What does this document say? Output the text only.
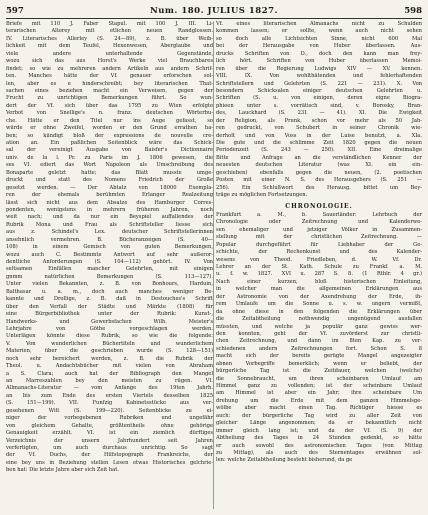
597	Num. 180. JULIUS 1827.	598
Briefe mit 110 J. Faber Stapul. mit 100 J. III. Li-
terarischen Alterey mit etlichen neuen Randglossen.
IV. Literarisches Allerley (S. 24—89), z. B. über Weib-
lichkeit mit dem Teufel, Hexenwesen, Aberglaube und
viele andere unterhaltende Gegenstände,
wozu sich das aus Horst's Werke viel Brauchbares
findet; so wie zu mehreren andern Artikeln aus andern Schrif-
ten. Manches hätte der Vf. genauer erforschen sol-
len, aber es e hinderschreibt; bey literarischen That-
sachen eines beziehen macht ein Verweisen, gegen der
Frucht zu unrichtigen Bemerkungen führt. So wun-
dert der Vf. sich über das 1795 zu Wien erfolgte
Verbot von Snellige's n. franz. deutschen Wörterbu-
che. Hätte er den Titel nur ins Auge gefasst, so
würde er ohne Zweifel, worden er den Grund errathen ha-
ben; so kündigt bloß der expressions de nouvelle cre-
ation an. Ein paßlichen Seitenblick wäre das Schick-
sal der vereinigt Ausgabe von Baisfer's Dictionnaire
univ. de la l. Pr. zu Paris im J. 1806 gewesen, die
ses VI. ediert das Wort Napoleon als Umschreibung des
Bonaparte geletzt hatte; das Blatt musste umge-
druckt und statt des Nomens Friedrich der Große
gesetzt werden. — Der Abtatz von 18000 Exempla-
ren der ehemals berühmten Erlanger Realzeitung
lässt sich nicht aus dem Absatze des Hamburger Corres-
pondenten, wenigstens in mehrern früheren Jahren, noch
weit nach; und da nur ein Beyspiel auffallendes der
Rubrik Mona und Frau als Schriftsteller liesse sich
aus z. Schindel's Lex. deutscher Schriftstellerinnen
ansehnlich vermehren. B. Bücheranzeigen (S. 40—
108) in einem Gemisch von guten Bemerkungen,
wozu auch C. Bestimmte Antwort auf sehr außeror-
dentliche Anforderungen (S. 104—112) gehört. IV. Von
seltsamen Einfällen mancher Gelehrten, mit einigen
gnmm natürlichen Bemerkungen (S. 113—127).
Unter vielen Bekannten, z. B. von Bonhours, Harduin,
Balthasar u. a. m., doch auch manches weniger Be-
kannte und Drollige, z. B. daß in Destouches's Schrift
über den Verfall der Städte und Märkte (1808) für
eine Bürgerbibliothek unter der Rubrik: Kunst-,
Handwerks- und Gewerbsfachen Wilh. Meister's
Lehrjahre von Göthe vorgeschlagen werden.
Unterlägen könnte diese Rubrik, so wie die folgende:
V. Von wunderlichen Büchertiteln und wunderlichem
Materien, über die geschrieben wurde (S. 128—151)
noch sehr bereichert werden, z. B. die Rubrik der
Theol. u. Andachtsbücher mit vielen von Abraham
a S. Clara; auch hat der Bibliograph den Mangel
an Marreszahlen bey den meisten zu rügen. VI.
Allmanachs-Literatur — vom Anfange des 19ten Jahrh.
an bis zum Ende des ersten Viertels desselben 1825
(S. 151—199). VII. Funfzig Kabinetsstücke aus ver-
gesehenen Wilt (S. 199—220). Seitenblicke zu ei-
niger der vorbegebenen Rubriken und ungefähr
von gleichem Gehalte, größtentheils ohne gehörige
Genauigkeit erzählt. VI. ist ein ziemlich dürftiges
Verzeichnis der unsern Jahrhundert seit Jahren
verfertigten, um auch durchaus unrichtig. So sagt
der Vf. Duchs, der Hilfstopograph Frankreichs, der
eine bey uns in Beziehung stellen Lesen etwas Historisches gelchrie-
ben hat: Die letzte Jahre aber sich Zeit hat.
Vf. eines literarischen Almanachs nicht zu Schulden
kommen lassen; er sollte, wenn auch nicht sehen
so doch alle Lichtsichten Sinne, nicht 600 Mal
bei der Herausgabe von Huber überlassen. Aus-
drucks Schriften von D., doch den kann man frey-
lich hört. Schriften von Huber überlassen Memoi-
ren über die Regierung Ludwigs XIV — XV. kennen.
VIII. IX. Von wohlthätenden und fehlerhaftenden
Schriftstellern und Gelehrten (S. 221 — 231). X. Von
besondern Schicksalen einiger deutschen Gelehrten u.
Schriften (S. u. von einigen, deren eigne Biogra-
phieen unter s. vorrätisch sind, v. Borosky, Bran-
des, Lauckhard (S. 231 — 41). XI. Die Ewigkeit
der Religion, als Prunk, schon vor mehr als 50 Jah-
ren gedruckt, von Schubert in seiner Chronik wie-
derholt und von Voss in der Luise benutzt, a. XIa.
Die gute und die schlimme Zeit 1820 gegen die neuen
Periodenzeit (S. 243 — 250). XII. Eine dreimalige
Bitte und Anfrage an die verständlichen Kenner der
neuesten deutschen Literatur (was XI. ein ein-
geschieben) ebenfalls gegen die neuen, (2. poetischen
Posten mit einer N. S. des Herausgebers (S. 251 —
256). Ein Schlußwort des Herausg. bittet um Bey-
träge zu möglichen Fortsetzungen.
CHRONOLOGIE.
Frankfurt a. M., b. Sauerländer: Lehrbuch der
Chronologie oder Zeitrechnung und Kalenderwe-
sen ehemaliger und jetziger Völker in Zusammen-
stellung mit der christlichen Zeitrechnung. —
Popular durchgeführt für Liebhaber der Ge-
schichte, der Rechenkunst und des Kalender-
wesens von Theod. Friedleben, d. W. Vf. Dr.
Lehrer an der St. Kath. Schule zu Frankf. a. M.
u. f. w. 1827. XVI u. 287 S. 8. (1 Rthlr. 4 gr.)
Nach einer kurzen, bloß historischen Einleitung,
in welcher man die allgemeinen Erklärungen aus
der Astronomie von der Axendrehung der Erde, ih-
rem Umlaufe um die Sonne u. s. w. ungern vermißt,
da ohne diese in den folgenden die Erklärungen über
die Zeitabtheilung nothwendig ungenügend ausfallen
müssten, und welche ja populär ganz gewiss wer-
den konnten, geht der Vf. zuvörderst zur christli-
chen Zeitrechnung, und dann im 8ten Kap. zu ver-
schiedenen andern Zeitrechnungen fort. Schon S. 8
macht sich der bereits gerügte Mangel angezeigter
abnen Vorbegriffe bemerklich; wenn er beliebt, der
bürgerliche Tag ist die Zeitdauer, welchen (welche)
die Sonnebraucht, um ihren scheinbaren Umlauf am
Himmel ganz zu vollenden; ist der scheinbare Umlauf
am Himmel ist aber ein Jahr; ihre scheinbare Um
drehung um die Erde mit dem ganzen Himmelsge-
wölbe aber macht einen Tag. Richtiger hiesse es
auch: der bürgerliche Tag wird zu aller Zeit von
gleicher Länge angenommen; da er bekanntlich nicht
immer gleich lang ist; und da der Vf. (S. 9) der
Abtheilung des Tages in 24 Stunden gedenkt, so hätte
er auch sowohl des astronomischen Tages (von Mittag
zu Mittag), als auch des Sternentages erwähnen sol-
len: welche Zeitabtheilung besteht bisherund, da ge
